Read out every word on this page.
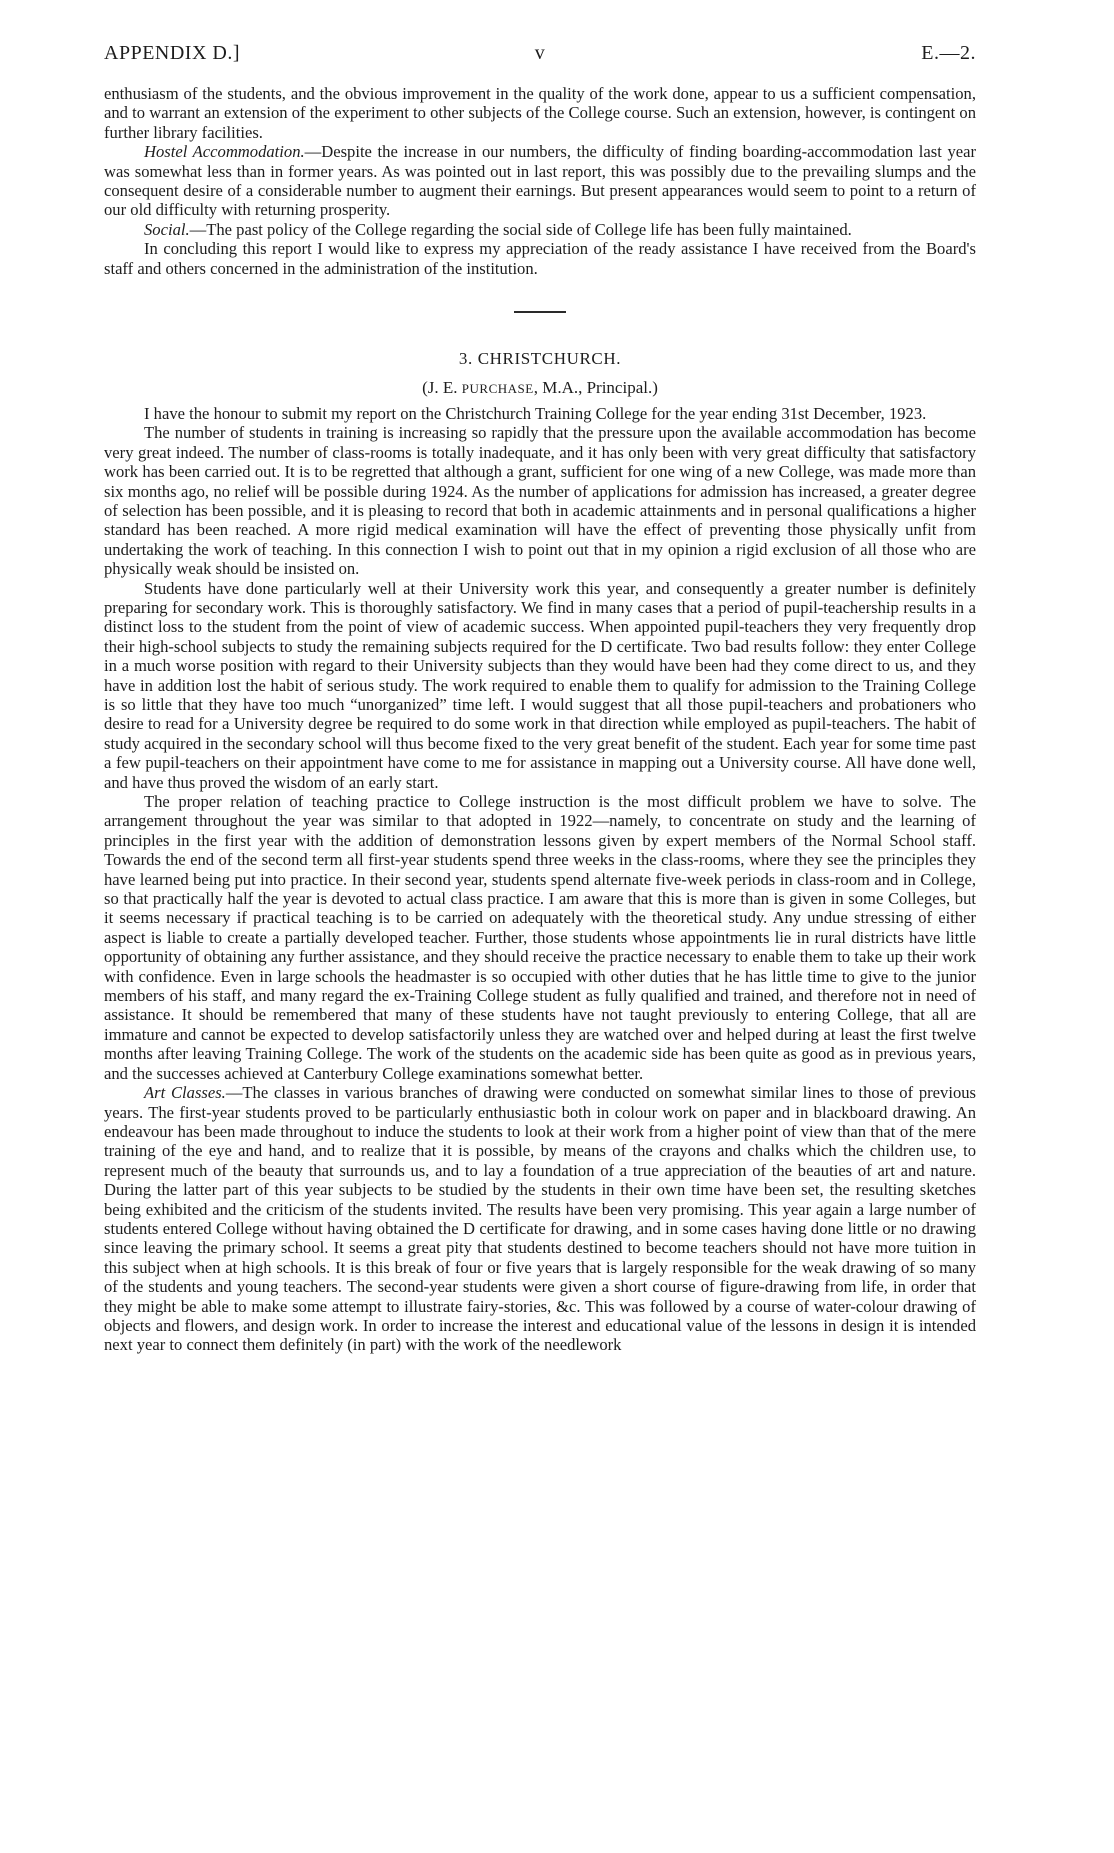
APPENDIX D.]	v	E.—2.

enthusiasm of the students, and the obvious improvement in the quality of the work done, appear to us a sufficient compensation, and to warrant an extension of the experiment to other subjects of the College course. Such an extension, however, is contingent on further library facilities.

Hostel Accommodation.—Despite the increase in our numbers, the difficulty of finding boarding-accommodation last year was somewhat less than in former years. As was pointed out in last report, this was possibly due to the prevailing slumps and the consequent desire of a considerable number to augment their earnings. But present appearances would seem to point to a return of our old difficulty with returning prosperity.

Social.—The past policy of the College regarding the social side of College life has been fully maintained.

In concluding this report I would like to express my appreciation of the ready assistance I have received from the Board's staff and others concerned in the administration of the institution.

3. CHRISTCHURCH.
(J. E. PURCHASE, M.A., Principal.)

I have the honour to submit my report on the Christchurch Training College for the year ending 31st December, 1923.

The number of students in training is increasing so rapidly that the pressure upon the available accommodation has become very great indeed. The number of class-rooms is totally inadequate, and it has only been with very great difficulty that satisfactory work has been carried out. It is to be regretted that although a grant, sufficient for one wing of a new College, was made more than six months ago, no relief will be possible during 1924. As the number of applications for admission has increased, a greater degree of selection has been possible, and it is pleasing to record that both in academic attainments and in personal qualifications a higher standard has been reached. A more rigid medical examination will have the effect of preventing those physically unfit from undertaking the work of teaching. In this connection I wish to point out that in my opinion a rigid exclusion of all those who are physically weak should be insisted on.

Students have done particularly well at their University work this year, and consequently a greater number is definitely preparing for secondary work. This is thoroughly satisfactory. We find in many cases that a period of pupil-teachership results in a distinct loss to the student from the point of view of academic success. When appointed pupil-teachers they very frequently drop their high-school subjects to study the remaining subjects required for the D certificate. Two bad results follow: they enter College in a much worse position with regard to their University subjects than they would have been had they come direct to us, and they have in addition lost the habit of serious study. The work required to enable them to qualify for admission to the Training College is so little that they have too much “unorganized” time left. I would suggest that all those pupil-teachers and probationers who desire to read for a University degree be required to do some work in that direction while employed as pupil-teachers. The habit of study acquired in the secondary school will thus become fixed to the very great benefit of the student. Each year for some time past a few pupil-teachers on their appointment have come to me for assistance in mapping out a University course. All have done well, and have thus proved the wisdom of an early start.

The proper relation of teaching practice to College instruction is the most difficult problem we have to solve. The arrangement throughout the year was similar to that adopted in 1922—namely, to concentrate on study and the learning of principles in the first year with the addition of demonstration lessons given by expert members of the Normal School staff. Towards the end of the second term all first-year students spend three weeks in the class-rooms, where they see the principles they have learned being put into practice. In their second year, students spend alternate five-week periods in class-room and in College, so that practically half the year is devoted to actual class practice. I am aware that this is more than is given in some Colleges, but it seems necessary if practical teaching is to be carried on adequately with the theoretical study. Any undue stressing of either aspect is liable to create a partially developed teacher. Further, those students whose appointments lie in rural districts have little opportunity of obtaining any further assistance, and they should receive the practice necessary to enable them to take up their work with confidence. Even in large schools the headmaster is so occupied with other duties that he has little time to give to the junior members of his staff, and many regard the ex-Training College student as fully qualified and trained, and therefore not in need of assistance. It should be remembered that many of these students have not taught previously to entering College, that all are immature and cannot be expected to develop satisfactorily unless they are watched over and helped during at least the first twelve months after leaving Training College. The work of the students on the academic side has been quite as good as in previous years, and the successes achieved at Canterbury College examinations somewhat better.

Art Classes.—The classes in various branches of drawing were conducted on somewhat similar lines to those of previous years. The first-year students proved to be particularly enthusiastic both in colour work on paper and in blackboard drawing. An endeavour has been made throughout to induce the students to look at their work from a higher point of view than that of the mere training of the eye and hand, and to realize that it is possible, by means of the crayons and chalks which the children use, to represent much of the beauty that surrounds us, and to lay a foundation of a true appreciation of the beauties of art and nature. During the latter part of this year subjects to be studied by the students in their own time have been set, the resulting sketches being exhibited and the criticism of the students invited. The results have been very promising. This year again a large number of students entered College without having obtained the D certificate for drawing, and in some cases having done little or no drawing since leaving the primary school. It seems a great pity that students destined to become teachers should not have more tuition in this subject when at high schools. It is this break of four or five years that is largely responsible for the weak drawing of so many of the students and young teachers. The second-year students were given a short course of figure-drawing from life, in order that they might be able to make some attempt to illustrate fairy-stories, &c. This was followed by a course of water-colour drawing of objects and flowers, and design work. In order to increase the interest and educational value of the lessons in design it is intended next year to connect them definitely (in part) with the work of the needlework
